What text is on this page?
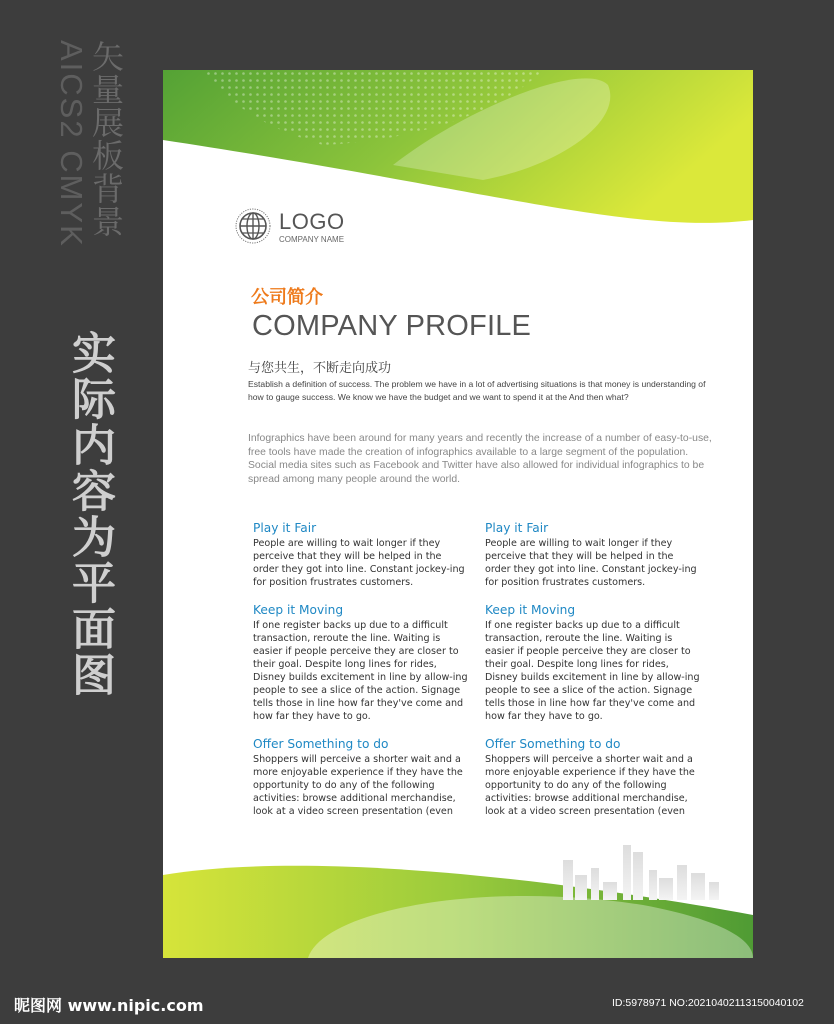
矢量展板背景
AICS2 CMYK
实际内容为平面图
LOGO
COMPANY NAME
公司简介
COMPANY PROFILE
与您共生，不断走向成功
Establish a definition of success. The problem we have in a lot of advertising situations is that money is understanding of how to gauge success. We know we have the budget and we want to spend it at the And then what?
Infographics have been around for many years and recently the increase of a number of easy-to-use, free tools have made the creation of infographics available to a large segment of the population. Social media sites such as Facebook and Twitter have also allowed for individual infographics to be spread among many people around the world.
Play it Fair
People are willing to wait longer if they perceive that they will be helped in the order they got into line. Constant jockey-ing for position frustrates customers.
Keep it Moving
If one register backs up due to a difficult transaction, reroute the line. Waiting is easier if people perceive they are closer to their goal. Despite long lines for rides, Disney builds excitement in line by allow-ing people to see a slice of the action. Signage tells those in line how far they've come and how far they have to go.
Offer Something to do
Shoppers will perceive a shorter wait and a more enjoyable experience if they have the opportunity to do any of the following activities: browse additional merchandise, look at a video screen presentation (even
Play it Fair
People are willing to wait longer if they perceive that they will be helped in the order they got into line. Constant jockey-ing for position frustrates customers.
Keep it Moving
If one register backs up due to a difficult transaction, reroute the line. Waiting is easier if people perceive they are closer to their goal. Despite long lines for rides, Disney builds excitement in line by allow-ing people to see a slice of the action. Signage tells those in line how far they've come and how far they have to go.
Offer Something to do
Shoppers will perceive a shorter wait and a more enjoyable experience if they have the opportunity to do any of the following activities: browse additional merchandise, look at a video screen presentation (even
昵图网 www.nipic.com	ID:5978971 NO:20210402113150040102
